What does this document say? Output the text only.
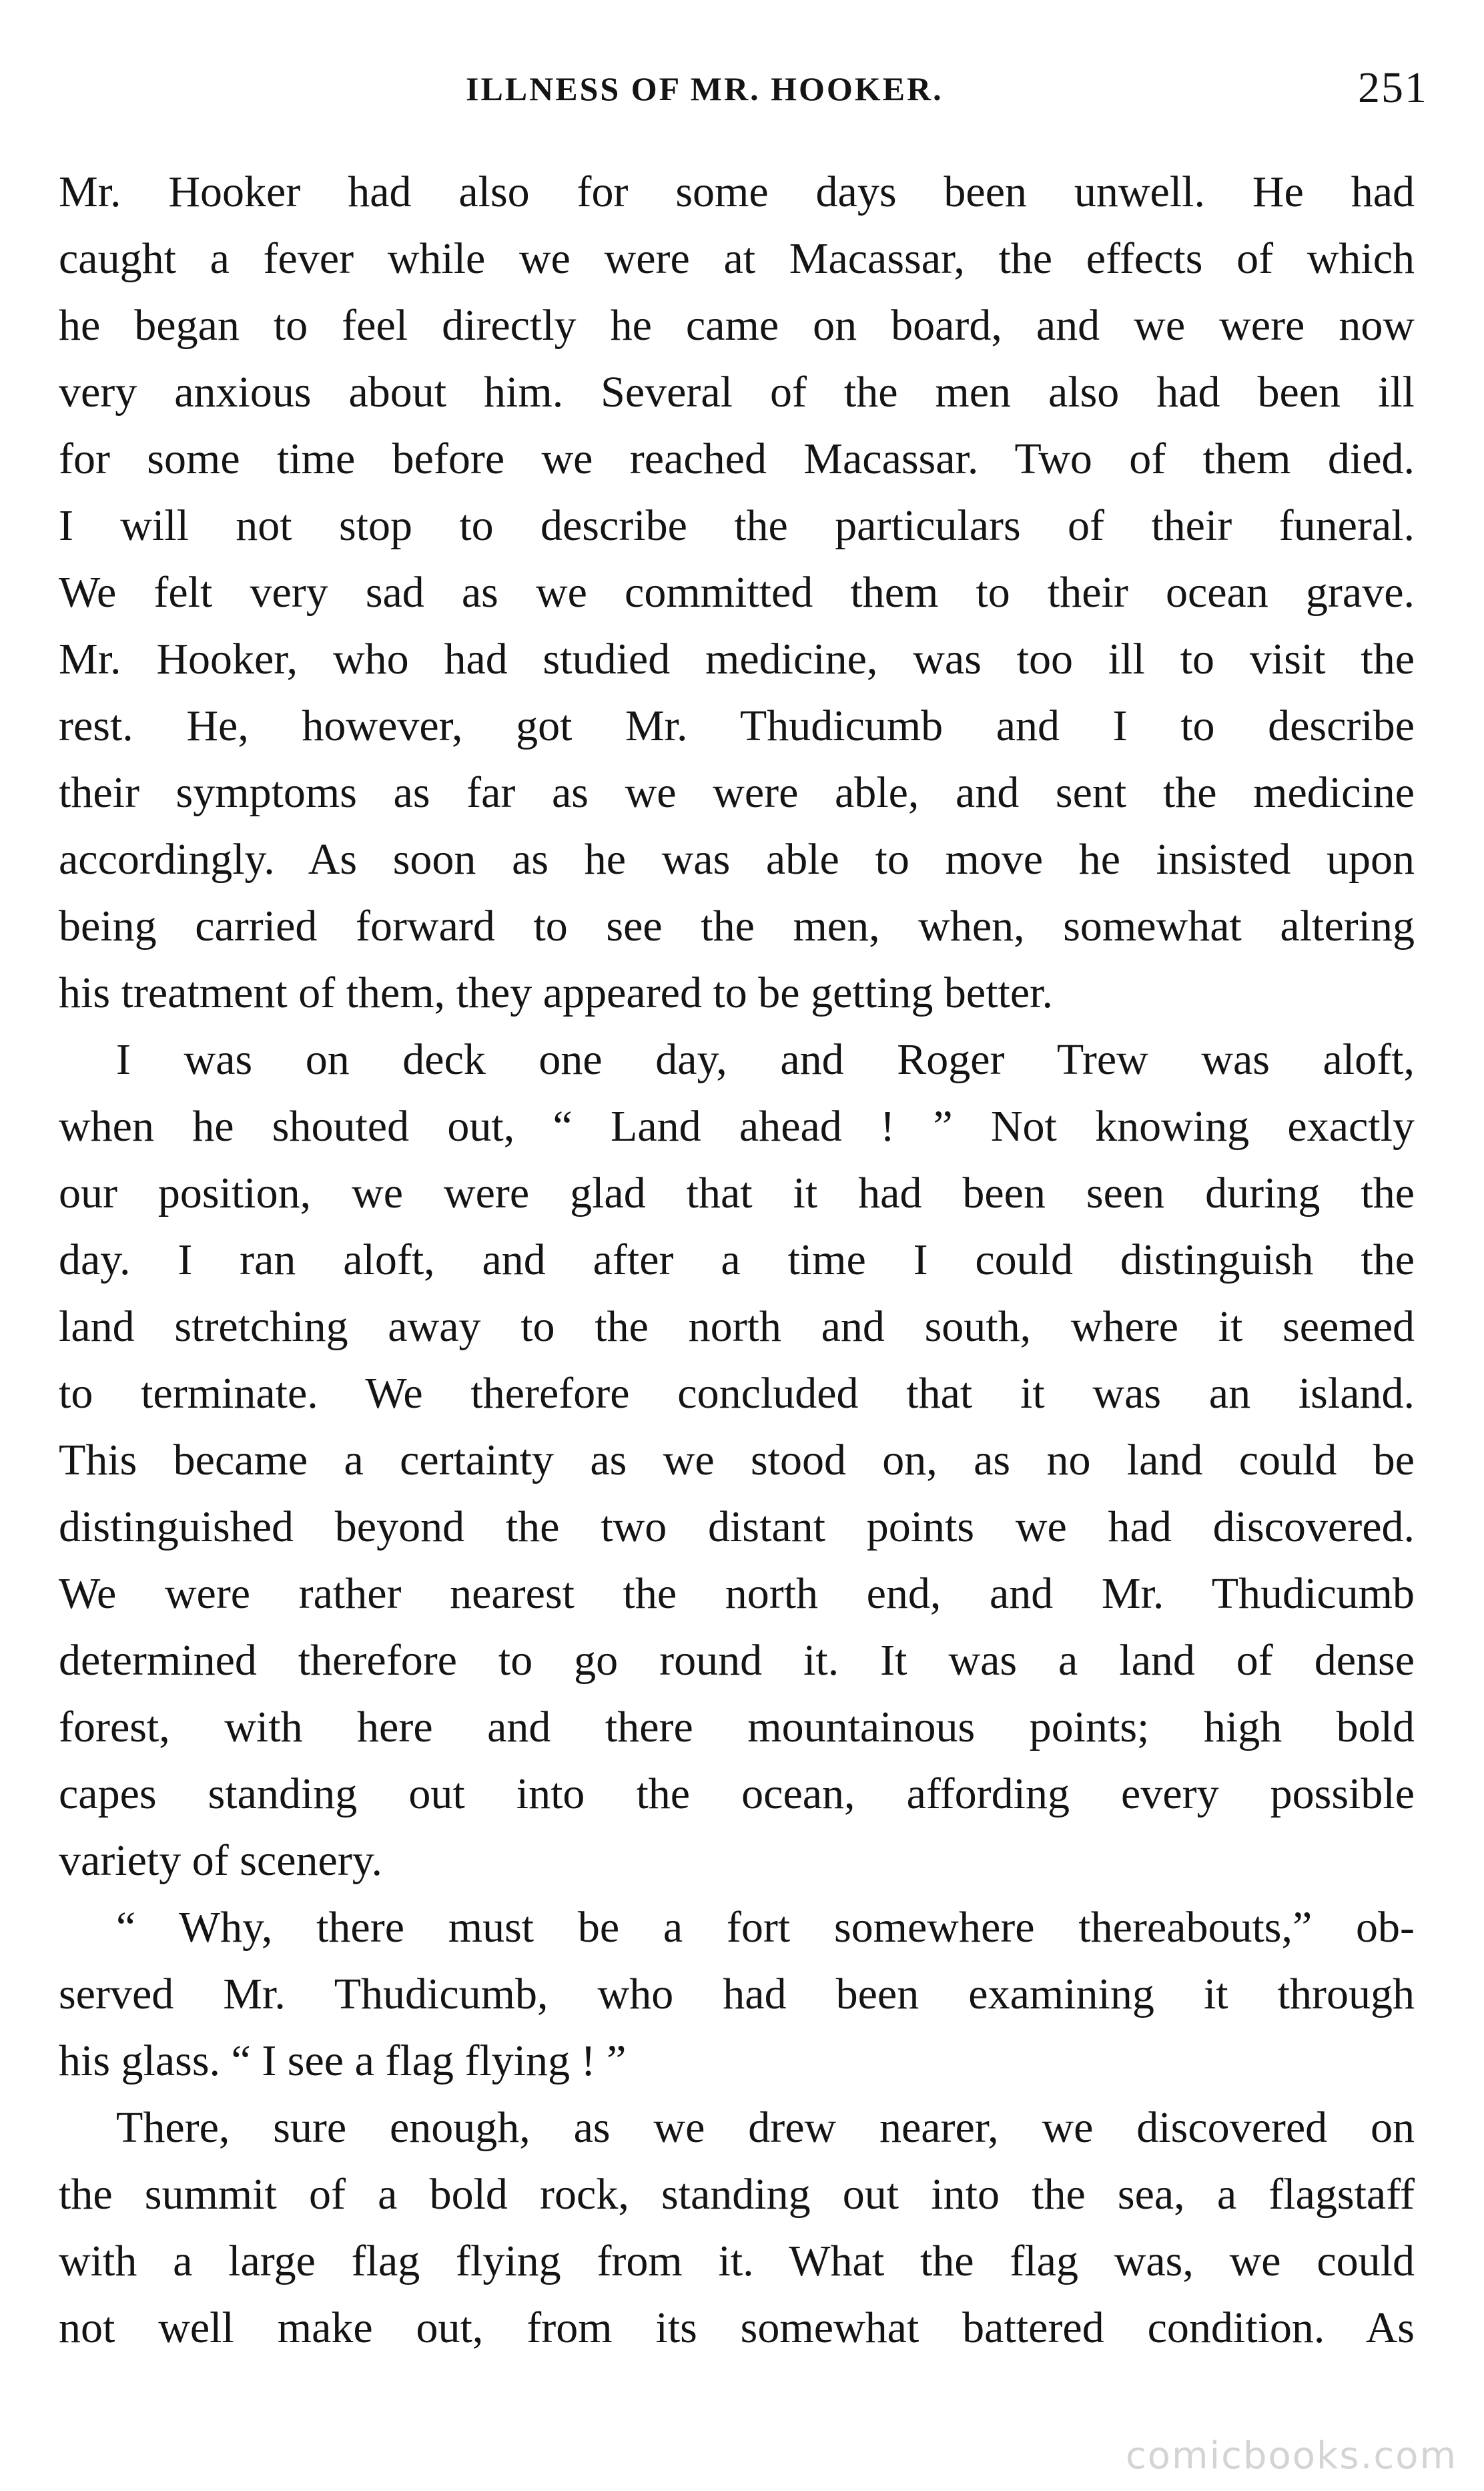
ILLNESS OF MR. HOOKER.	251
Mr. Hooker had also for some days been unwell. He had
caught a fever while we were at Macassar, the effects of which
he began to feel directly he came on board, and we were now
very anxious about him. Several of the men also had been ill
for some time before we reached Macassar. Two of them died.
I will not stop to describe the particulars of their funeral.
We felt very sad as we committed them to their ocean grave.
Mr. Hooker, who had studied medicine, was too ill to visit the
rest. He, however, got Mr. Thudicumb and I to describe
their symptoms as far as we were able, and sent the medicine
accordingly. As soon as he was able to move he insisted upon
being carried forward to see the men, when, somewhat altering
his treatment of them, they appeared to be getting better.
I was on deck one day, and Roger Trew was aloft,
when he shouted out, “ Land ahead ! ” Not knowing exactly
our position, we were glad that it had been seen during the
day. I ran aloft, and after a time I could distinguish the
land stretching away to the north and south, where it seemed
to terminate. We therefore concluded that it was an island.
This became a certainty as we stood on, as no land could be
distinguished beyond the two distant points we had discovered.
We were rather nearest the north end, and Mr. Thudicumb
determined therefore to go round it. It was a land of dense
forest, with here and there mountainous points; high bold
capes standing out into the ocean, affording every possible
variety of scenery.
“ Why, there must be a fort somewhere thereabouts,” ob-
served Mr. Thudicumb, who had been examining it through
his glass. “ I see a flag flying ! ”
There, sure enough, as we drew nearer, we discovered on
the summit of a bold rock, standing out into the sea, a flagstaff
with a large flag flying from it. What the flag was, we could
not well make out, from its somewhat battered condition. As
comicbooks.com
